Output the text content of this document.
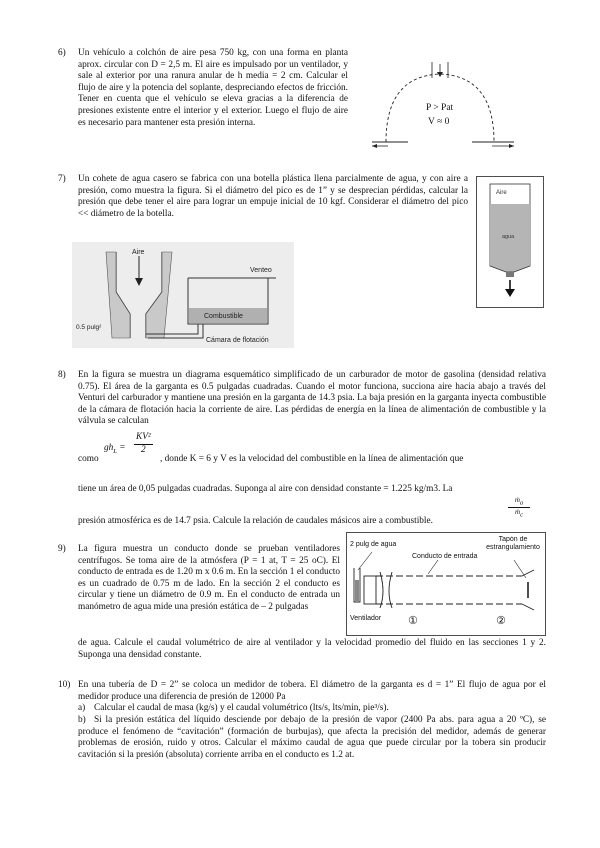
6) Un vehículo a colchón de aire pesa 750 kg, con una forma en planta aprox. circular con D = 2,5 m. El aire es impulsado por un ventilador, y sale al exterior por una ranura anular de h media = 2 cm. Calcular el flujo de aire y la potencia del soplante, despreciando efectos de fricción. Tener en cuenta que el vehículo se eleva gracias a la diferencia de presiones existente entre el interior y el exterior. Luego el flujo de aire es necesario para mantener esta presión interna.
P > Pat
V ≈ 0
7) Un cohete de agua casero se fabrica con una botella plástica llena parcialmente de agua, y con aire a presión, como muestra la figura. Si el diámetro del pico es de 1” y se desprecian pérdidas, calcular la presión que debe tener el aire para lograr un empuje inicial de 10 kgf. Considerar el diámetro del pico << diámetro de la botella.
Aire
agua
Aire
Venteo
0.5 pulg²
Combustible
Cámara de flotación
8) En la figura se muestra un diagrama esquemático simplificado de un carburador de motor de gasolina (densidad relativa 0.75). El área de la garganta es 0.5 pulgadas cuadradas. Cuando el motor funciona, succiona aire hacia abajo a través del Venturi del carburador y mantiene una presión en la garganta de 14.3 psia. La baja presión en la garganta inyecta combustible de la cámara de flotación hacia la corriente de aire. Las pérdidas de energía en la línea de alimentación de combustible y la válvula se calculan
como
$gh_L = \frac{\text{KV²}}{2}$
, donde K = 6 y V es la velocidad del combustible en la línea de alimentación que
tiene un área de 0,05 pulgadas cuadradas. Suponga al aire con densidad constante = 1.225 kg/m3. La
presión atmosférica es de 14.7 psia. Calcule la relación de caudales másicos aire a combustible.
ṁa
ṁc
9) La figura muestra un conducto donde se prueban ventiladores centrífugos. Se toma aire de la atmósfera (P = 1 at, T = 25 oC). El conducto de entrada es de 1.20 m x 0.6 m. En la sección 1 el conducto es un cuadrado de 0.75 m de lado. En la sección 2 el conducto es circular y tiene un diámetro de 0.9 m. En el conducto de entrada un manómetro de agua mide una presión estática de – 2 pulgadas
de agua. Calcule el caudal volumétrico de aire al ventilador y la velocidad promedio del fluido en las secciones 1 y 2. Suponga una densidad constante.
2 pulg de agua
Conducto de entrada
Tapón de estrangulamiento
Ventilador ①	②
10) En una tubería de D = 2” se coloca un medidor de tobera. El diámetro de la garganta es d = 1” El flujo de agua por el medidor produce una diferencia de presión de 12000 Pa
a) Calcular el caudal de masa (kg/s) y el caudal volumétrico (lts/s, lts/min, pie³/s).
b) Si la presión estática del líquido desciende por debajo de la presión de vapor (2400 Pa abs. para agua a 20 ºC), se produce el fenómeno de “cavitación” (formación de burbujas), que afecta la precisión del medidor, además de generar problemas de erosión, ruido y otros. Calcular el máximo caudal de agua que puede circular por la tobera sin producir cavitación si la presión (absoluta) corriente arriba en el conducto es 1.2 at.
